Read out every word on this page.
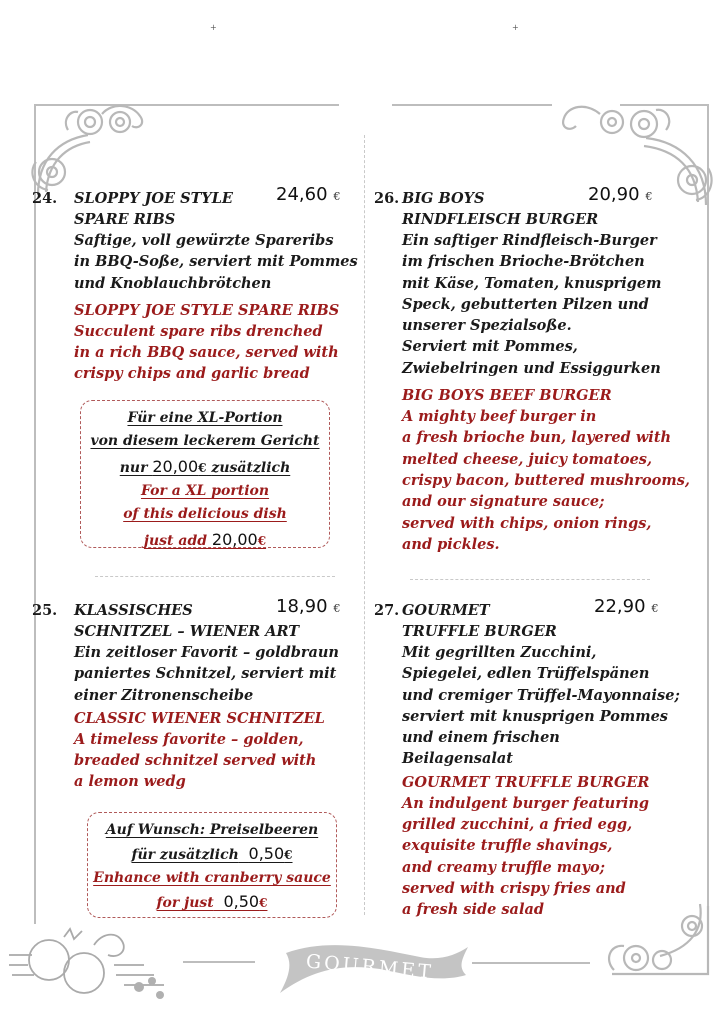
+	+
24.	SLOPPY JOE STYLE
SPARE RIBS
Saftige, voll gewürzte Spareribs
in BBQ-Soße, serviert mit Pommes
und Knoblauchbrötchen
SLOPPY JOE STYLE SPARE RIBS
Succulent spare ribs drenched
in a rich BBQ sauce, served with
crispy chips and garlic bread
24,60 €
Für eine XL-Portion
von diesem leckerem Gericht
nur 20,00€ zusätzlich
For a XL portion
of this delicious dish
just add 20,00€
25.	KLASSISCHES
SCHNITZEL – WIENER ART
Ein zeitloser Favorit – goldbraun
paniertes Schnitzel, serviert mit
einer Zitronenscheibe
CLASSIC WIENER SCHNITZEL
A timeless favorite – golden,
breaded schnitzel served with
a lemon wedg
18,90 €
Auf Wunsch: Preiselbeeren
für zusätzlich 0,50€
Enhance with cranberry sauce
for just 0,50€
26. BIG BOYS
RINDFLEISCH BURGER
Ein saftiger Rindfleisch-Burger
im frischen Brioche-Brötchen
mit Käse, Tomaten, knusprigem
Speck, gebutterten Pilzen und
unserer Spezialsoße.
Serviert mit Pommes,
Zwiebelringen und Essiggurken
BIG BOYS BEEF BURGER
A mighty beef burger in
a fresh brioche bun, layered with
melted cheese, juicy tomatoes,
crispy bacon, buttered mushrooms,
and our signature sauce;
served with chips, onion rings,
and pickles.
20,90 €
27. GOURMET
TRUFFLE BURGER
Mit gegrillten Zucchini,
Spiegelei, edlen Trüffelspänen
und cremiger Trüffel-Mayonnaise;
serviert mit knusprigen Pommes
und einem frischen
Beilagensalat
GOURMET TRUFFLE BURGER
An indulgent burger featuring
grilled zucchini, a fried egg,
exquisite truffle shavings,
and creamy truffle mayo;
served with crispy fries and
a fresh side salad
22,90 €
GOURMET
